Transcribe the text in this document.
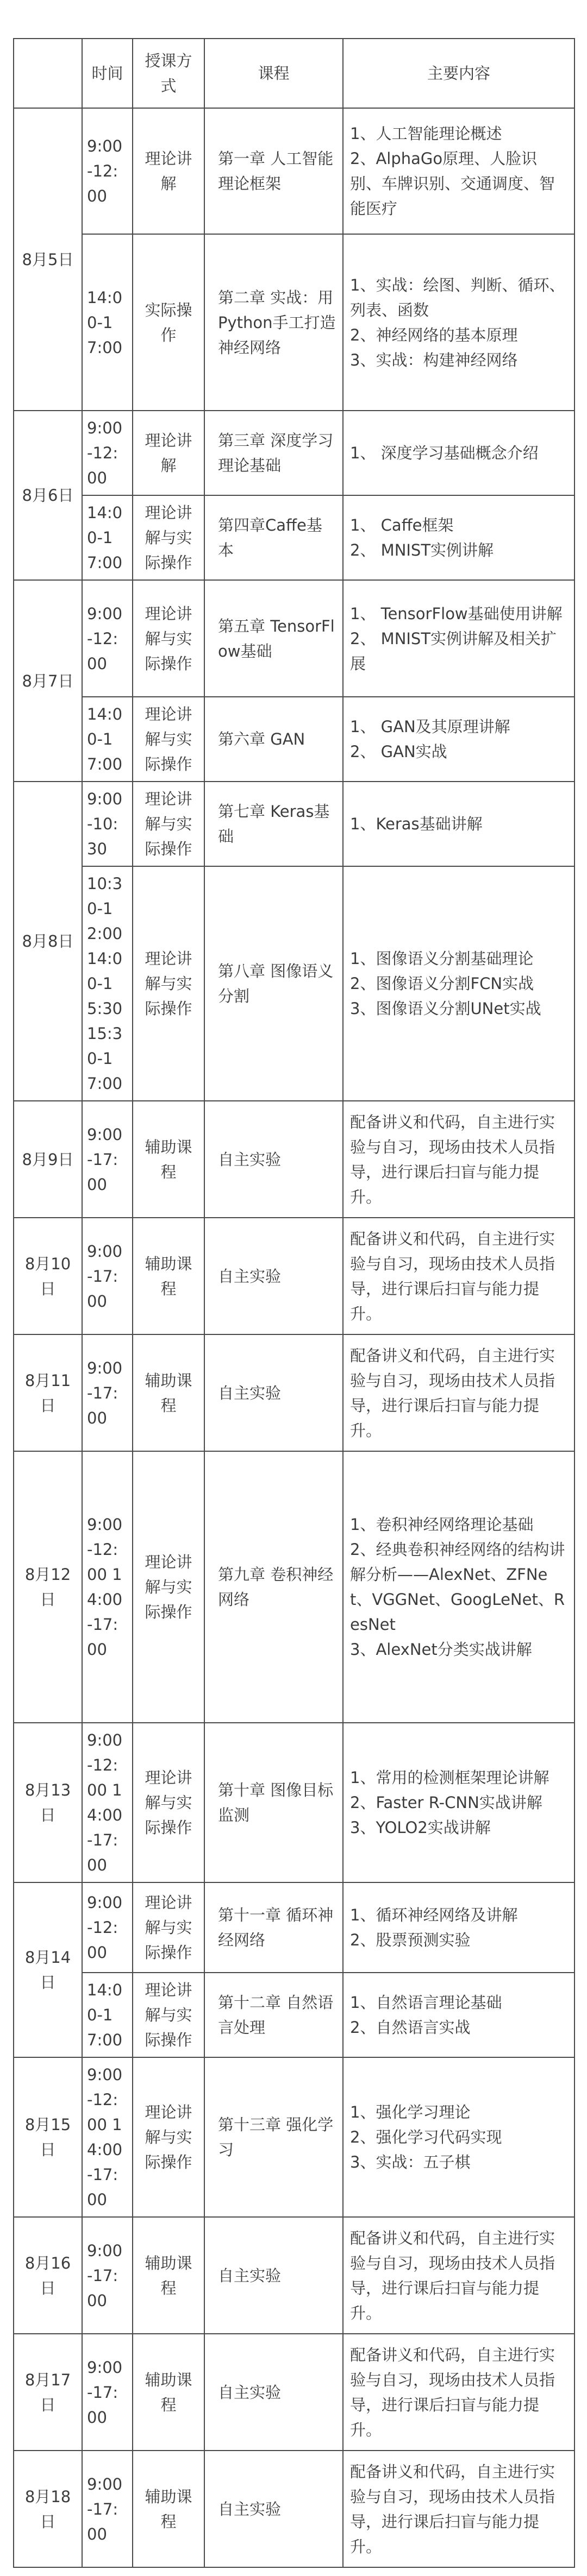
	时间	授课方式	课程	主要内容
8月5日	9:00-12:00	理论讲解	第一章 人工智能理论框架	1、人工智能理论概述
2、AlphaGo原理、人脸识别、车牌识别、交通调度、智能医疗

	14:00-17:00	实际操作	第二章 实战：用Python手工打造神经网络	1、实战：绘图、判断、循环、列表、函数
2、神经网络的基本原理
3、实战：构建神经网络

8月6日	9:00-12:00	理论讲解	第三章 深度学习理论基础	1、 深度学习基础概念介绍

	14:00-17:00	理论讲解与实际操作	第四章Caffe基本	1、 Caffe框架
2、 MNIST实例讲解

8月7日	9:00-12:00	理论讲解与实际操作	第五章 TensorFlow基础	1、 TensorFlow基础使用讲解
2、 MNIST实例讲解及相关扩展

	14:00-17:00	理论讲解与实际操作	第六章 GAN	1、 GAN及其原理讲解
2、 GAN实战

8月8日	9:00-10:30	理论讲解与实际操作	第七章 Keras基础	1、Keras基础讲解

	10:30-12:00 14:00-15:30 15:30-17:00	理论讲解与实际操作	第八章 图像语义分割	1、图像语义分割基础理论
2、图像语义分割FCN实战
3、图像语义分割UNet实战

8月9日	9:00-17:00	辅助课程	自主实验	配备讲义和代码，自主进行实验与自习，现场由技术人员指导，进行课后扫盲与能力提升。

8月10日	9:00-17:00	辅助课程	自主实验	配备讲义和代码，自主进行实验与自习，现场由技术人员指导，进行课后扫盲与能力提升。

8月11日	9:00-17:00	辅助课程	自主实验	配备讲义和代码，自主进行实验与自习，现场由技术人员指导，进行课后扫盲与能力提升。

8月12日	9:00-12:00 14:00-17:00	理论讲解与实际操作	第九章 卷积神经网络	1、卷积神经网络理论基础
2、经典卷积神经网络的结构讲解分析——AlexNet、ZFNet、VGGNet、GoogLeNet、ResNet
3、AlexNet分类实战讲解

8月13日	9:00-12:00 14:00-17:00	理论讲解与实际操作	第十章 图像目标监测	1、常用的检测框架理论讲解
2、Faster R-CNN实战讲解
3、YOLO2实战讲解

8月14日	9:00-12:00	理论讲解与实际操作	第十一章 循环神经网络	1、循环神经网络及讲解
2、股票预测实验

	14:00-17:00	理论讲解与实际操作	第十二章 自然语言处理	1、自然语言理论基础
2、自然语言实战

8月15日	9:00-12:00 14:00-17:00	理论讲解与实际操作	第十三章 强化学习	1、强化学习理论
2、强化学习代码实现
3、实战：五子棋

8月16日	9:00-17:00	辅助课程	自主实验	配备讲义和代码，自主进行实验与自习，现场由技术人员指导，进行课后扫盲与能力提升。

8月17日	9:00-17:00	辅助课程	自主实验	配备讲义和代码，自主进行实验与自习，现场由技术人员指导，进行课后扫盲与能力提升。

8月18日	9:00-17:00	辅助课程	自主实验	配备讲义和代码，自主进行实验与自习，现场由技术人员指导，进行课后扫盲与能力提升。
